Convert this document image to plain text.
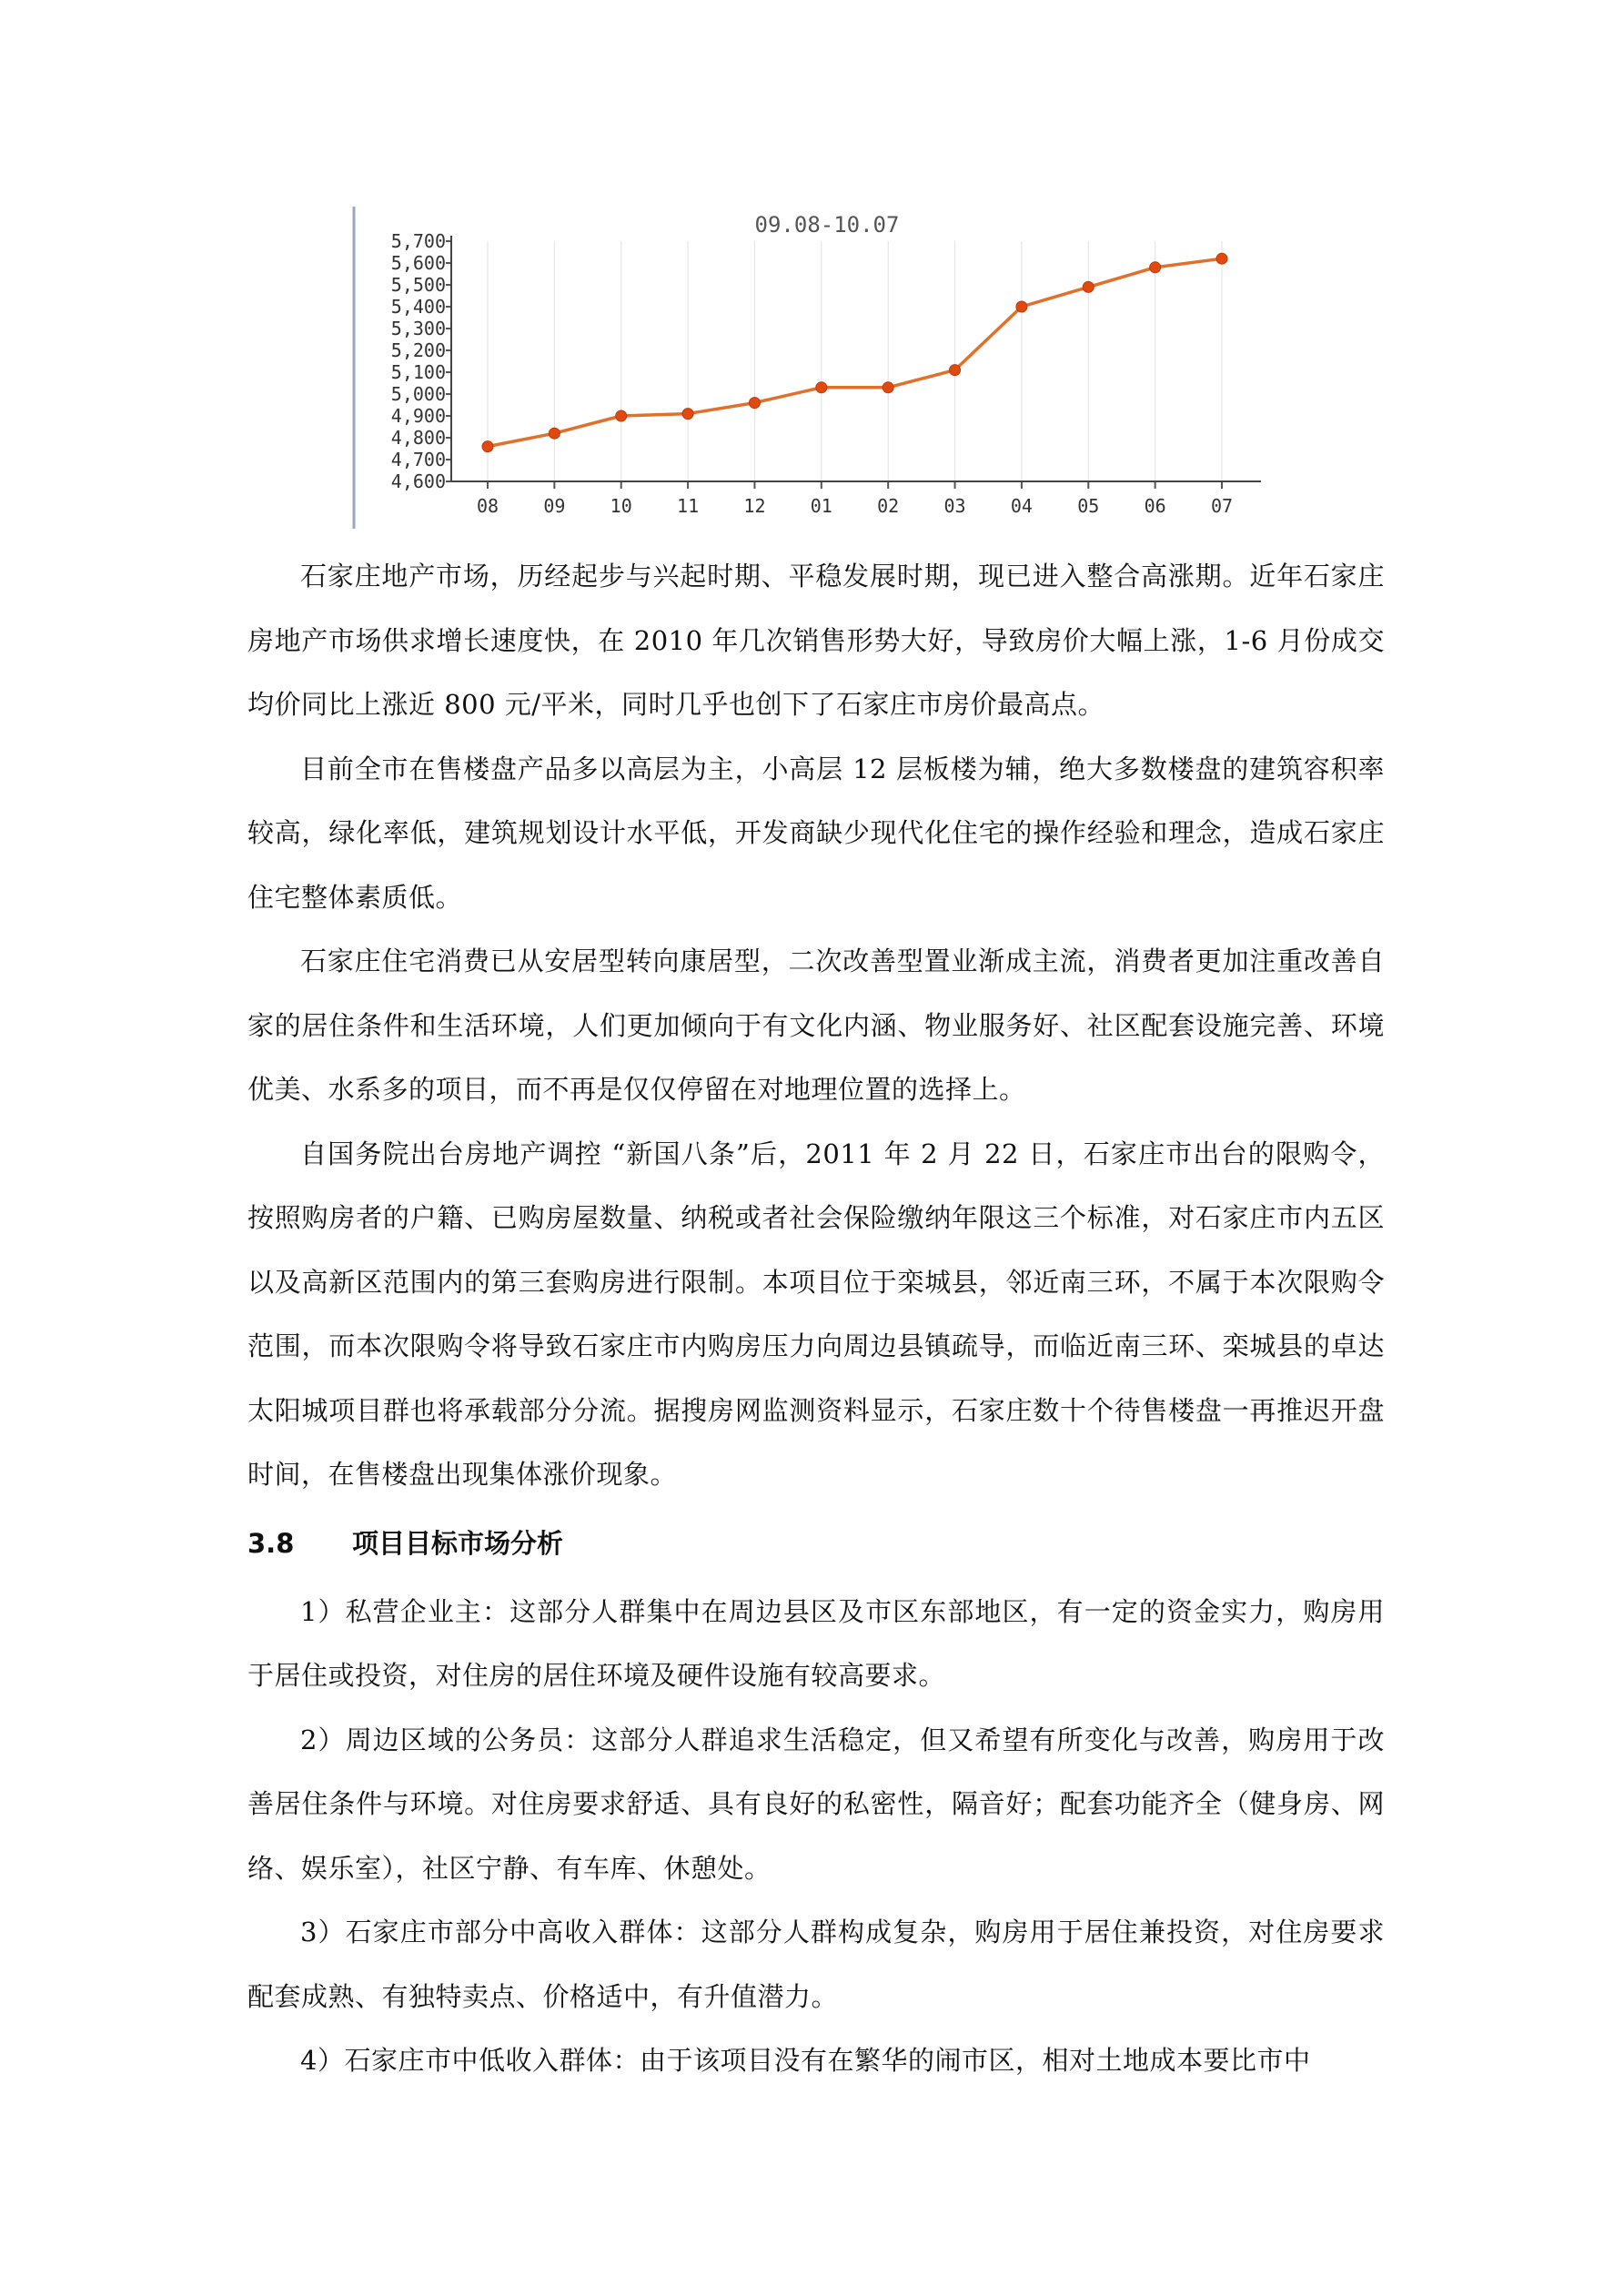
09.08-10.07
5,700
5,600
5,500
5,400
5,300
5,200
5,100
5,000
4,900
4,800
4,700
4,600
08 09 10 11 12 01 02 03 04 05 06 07

石家庄地产市场，历经起步与兴起时期、平稳发展时期，现已进入整合高涨期。近年石家庄房地产市场供求增长速度快，在 2010 年几次销售形势大好，导致房价大幅上涨，1-6 月份成交均价同比上涨近 800 元/平米，同时几乎也创下了石家庄市房价最高点。

目前全市在售楼盘产品多以高层为主，小高层 12 层板楼为辅，绝大多数楼盘的建筑容积率较高，绿化率低，建筑规划设计水平低，开发商缺少现代化住宅的操作经验和理念，造成石家庄住宅整体素质低。

石家庄住宅消费已从安居型转向康居型，二次改善型置业渐成主流，消费者更加注重改善自家的居住条件和生活环境，人们更加倾向于有文化内涵、物业服务好、社区配套设施完善、环境优美、水系多的项目，而不再是仅仅停留在对地理位置的选择上。

自国务院出台房地产调控 “新国八条”后，2011 年 2 月 22 日，石家庄市出台的限购令，按照购房者的户籍、已购房屋数量、纳税或者社会保险缴纳年限这三个标准，对石家庄市内五区以及高新区范围内的第三套购房进行限制。本项目位于栾城县，邻近南三环，不属于本次限购令范围，而本次限购令将导致石家庄市内购房压力向周边县镇疏导，而临近南三环、栾城县的卓达太阳城项目群也将承载部分分流。据搜房网监测资料显示，石家庄数十个待售楼盘一再推迟开盘时间，在售楼盘出现集体涨价现象。

3.8 项目目标市场分析

1）私营企业主：这部分人群集中在周边县区及市区东部地区，有一定的资金实力，购房用于居住或投资，对住房的居住环境及硬件设施有较高要求。

2）周边区域的公务员：这部分人群追求生活稳定，但又希望有所变化与改善，购房用于改善居住条件与环境。对住房要求舒适、具有良好的私密性，隔音好；配套功能齐全（健身房、网络、娱乐室），社区宁静、有车库、休憩处。

3）石家庄市部分中高收入群体：这部分人群构成复杂，购房用于居住兼投资，对住房要求配套成熟、有独特卖点、价格适中，有升值潜力。

4）石家庄市中低收入群体：由于该项目没有在繁华的闹市区，相对土地成本要比市中
